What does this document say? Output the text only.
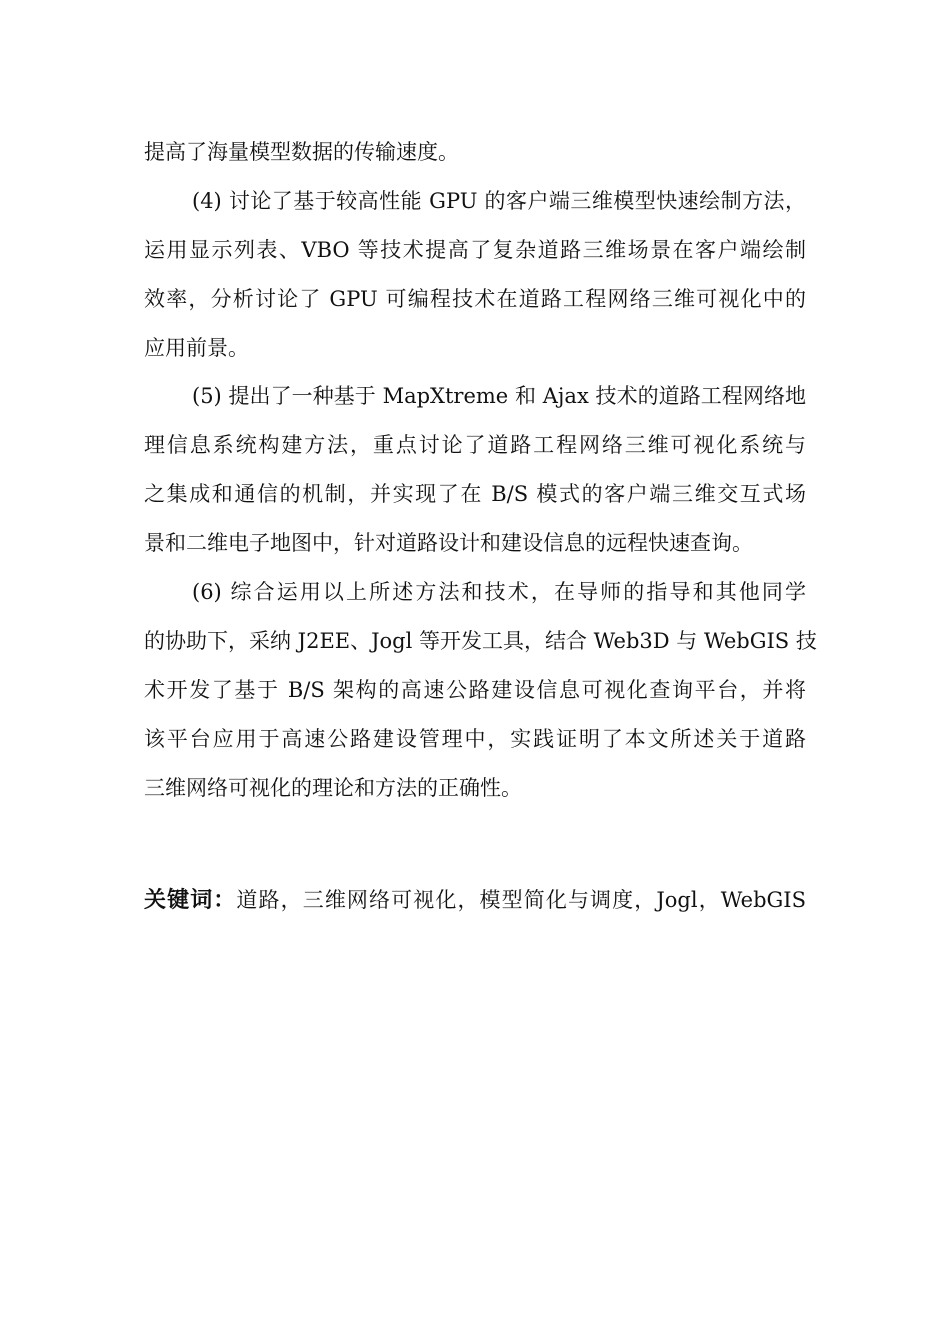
提高了海量模型数据的传输速度。
(4) 讨论了基于较高性能 GPU 的客户端三维模型快速绘制方法，
运用显示列表、VBO 等技术提高了复杂道路三维场景在客户端绘制
效率，分析讨论了 GPU 可编程技术在道路工程网络三维可视化中的
应用前景。
(5) 提出了一种基于 MapXtreme 和 Ajax 技术的道路工程网络地
理信息系统构建方法，重点讨论了道路工程网络三维可视化系统与
之集成和通信的机制，并实现了在 B/S 模式的客户端三维交互式场
景和二维电子地图中，针对道路设计和建设信息的远程快速查询。
(6) 综合运用以上所述方法和技术，在导师的指导和其他同学
的协助下，采纳 J2EE、Jogl 等开发工具，结合 Web3D 与 WebGIS 技
术开发了基于 B/S 架构的高速公路建设信息可视化查询平台，并将
该平台应用于高速公路建设管理中，实践证明了本文所述关于道路
三维网络可视化的理论和方法的正确性。
关键词：道路，三维网络可视化，模型简化与调度，Jogl，WebGIS
